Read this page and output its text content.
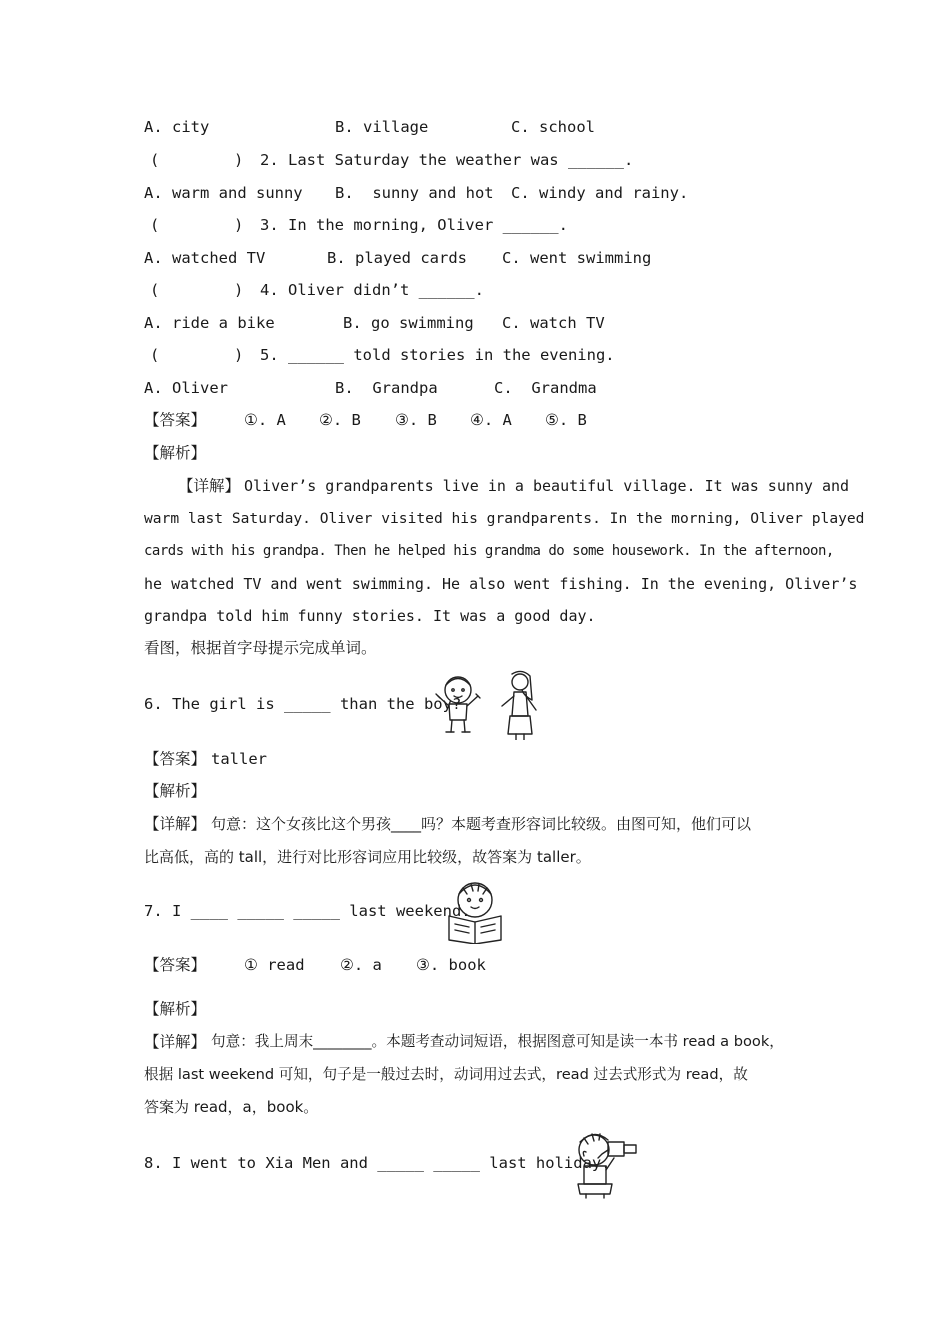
A. city	B. village	C. school
(        ) 2. Last Saturday the weather was ______.
A. warm and sunny B.  sunny and hot C. windy and rainy.
(        ) 3. In the morning, Oliver ______.
A. watched TV	B. played cards C. went swimming
(        ) 4. Oliver didn’t ______.
A. ride a bike	B. go swimming C. watch TV
(        ) 5. ______ told stories in the evening.
A. Oliver	B.  Grandpa	C.  Grandma
【答案】 ①. A ②. B ③. B ④. A ⑤. B
【解析】
【详解】 Oliver’s grandparents live in a beautiful village. It was sunny and
warm last Saturday. Oliver visited his grandparents. In the morning, Oliver played
cards with his grandpa. Then he helped his grandma do some housework. In the afternoon,
he watched TV and went swimming. He also went fishing. In the evening, Oliver’s
grandpa told him funny stories. It was a good day.
看图，根据首字母提示完成单词。
6. The girl is _____ than the boy?
【答案】 taller
【解析】
【详解】 句意：这个女孩比这个男孩____吗？本题考查形容词比较级。由图可知，他们可以
比高低，高的 tall，进行对比形容词应用比较级，故答案为 taller。
7. I ____ _____ _____ last weekend.
【答案】 ① read ②. a ③. book
【解析】
【详解】 句意：我上周末________。本题考查动词短语，根据图意可知是读一本书 read a book，
根据 last weekend 可知，句子是一般过去时，动词用过去式，read 过去式形式为 read，故
答案为 read，a，book。
8. I went to Xia Men and _____ _____ last holiday.
